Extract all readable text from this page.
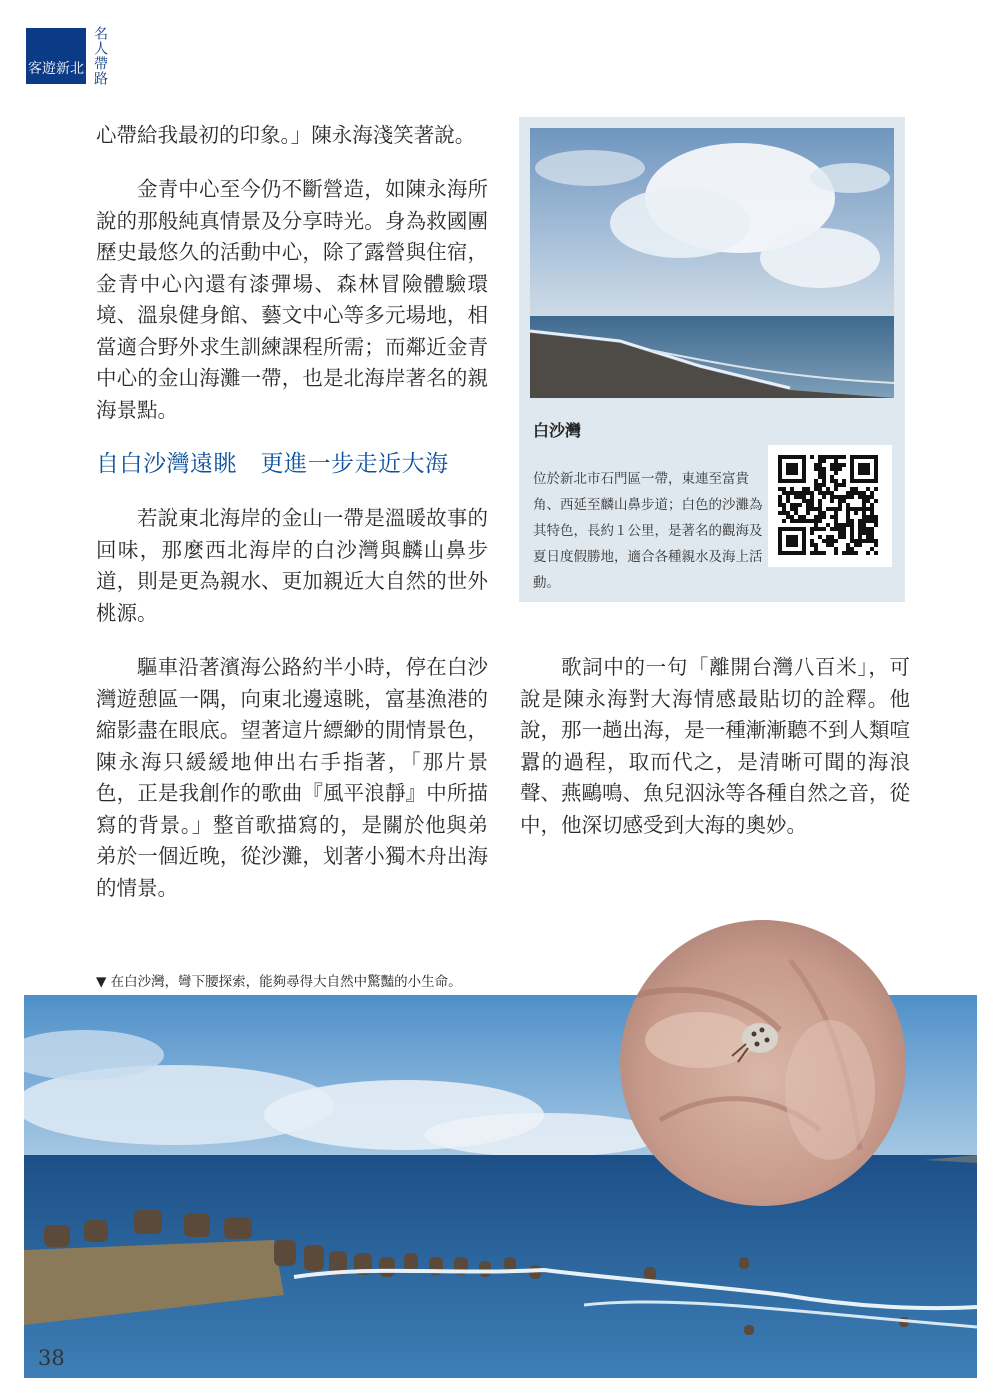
客遊新北 名人帶路
心帶給我最初的印象。」陳永海淺笑著說。
金青中心至今仍不斷營造，如陳永海所說的那般純真情景及分享時光。身為救國團歷史最悠久的活動中心，除了露營與住宿，金青中心內還有漆彈場、森林冒險體驗環境、溫泉健身館、藝文中心等多元場地，相當適合野外求生訓練課程所需；而鄰近金青中心的金山海灘一帶，也是北海岸著名的親海景點。
自白沙灣遠眺　更進一步走近大海
若說東北海岸的金山一帶是溫暖故事的回味，那麼西北海岸的白沙灣與麟山鼻步道，則是更為親水、更加親近大自然的世外桃源。
驅車沿著濱海公路約半小時，停在白沙灣遊憩區一隅，向東北邊遠眺，富基漁港的縮影盡在眼底。望著這片縹緲的閒情景色，陳永海只緩緩地伸出右手指著，「那片景色，正是我創作的歌曲『風平浪靜』中所描寫的背景。」整首歌描寫的，是關於他與弟弟於一個近晚，從沙灘，划著小獨木舟出海的情景。
歌詞中的一句「離開台灣八百米」，可說是陳永海對大海情感最貼切的詮釋。他說，那一趟出海，是一種漸漸聽不到人類喧囂的過程，取而代之，是清晰可聞的海浪聲、燕鷗鳴、魚兒泅泳等各種自然之音，從中，他深切感受到大海的奧妙。
白沙灣
位於新北市石門區一帶，東連至富貴角、西延至麟山鼻步道；白色的沙灘為其特色，長約１公里，是著名的觀海及夏日度假勝地，適合各種親水及海上活動。
▼ 在白沙灣，彎下腰探索，能夠尋得大自然中驚豔的小生命。
38
